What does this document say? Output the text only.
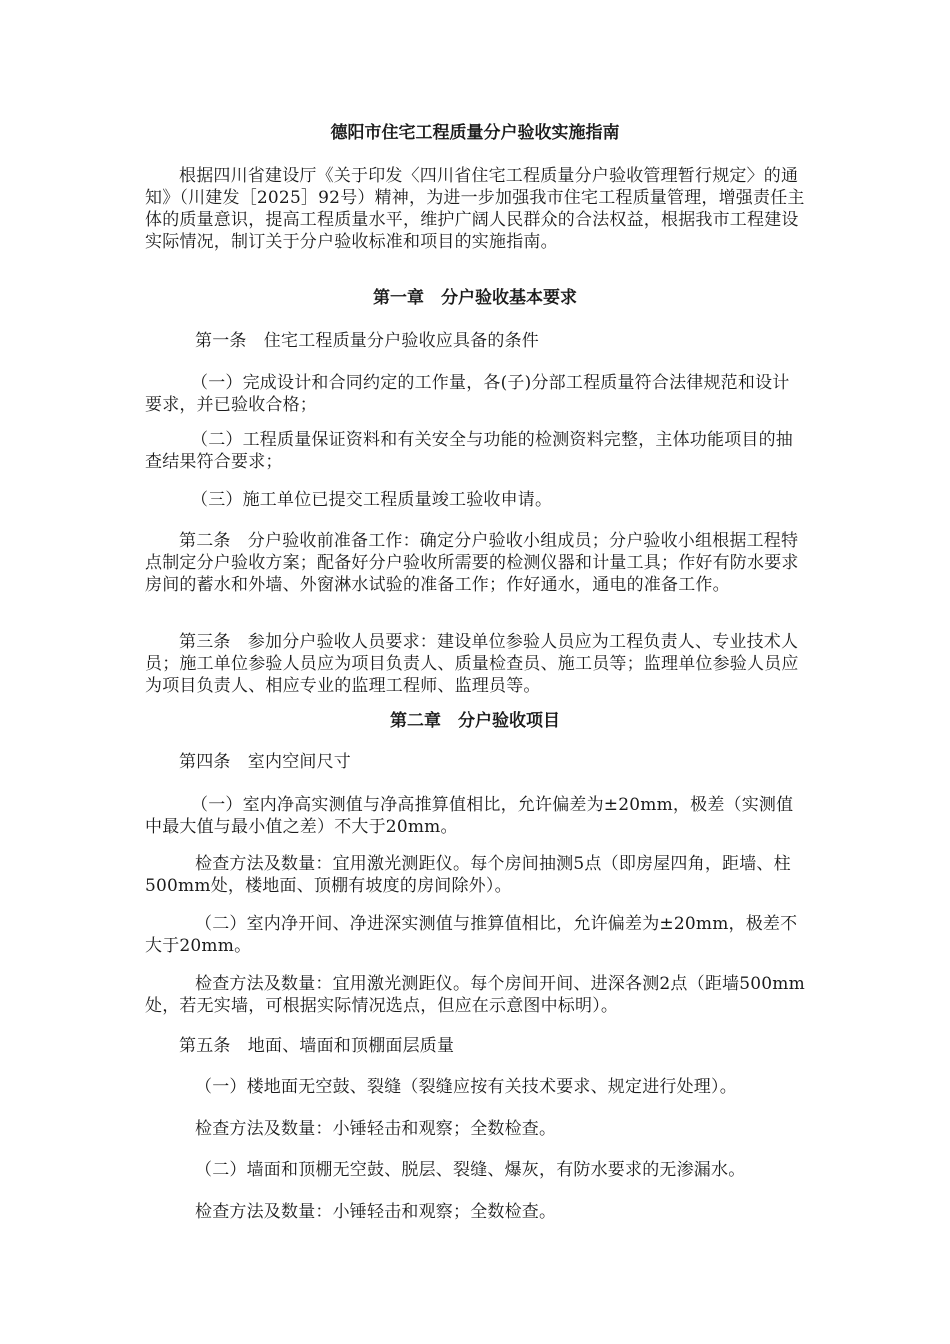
德阳市住宅工程质量分户验收实施指南
根据四川省建设厅《关于印发〈四川省住宅工程质量分户验收管理暂行规定〉的通知》（川建发［2025］92号）精神，为进一步加强我市住宅工程质量管理，增强责任主体的质量意识，提高工程质量水平，维护广阔人民群众的合法权益，根据我市工程建设实际情况，制订关于分户验收标准和项目的实施指南。
第一章　分户验收基本要求
第一条　住宅工程质量分户验收应具备的条件
（一）完成设计和合同约定的工作量，各(子)分部工程质量符合法律规范和设计要求，并已验收合格；
（二）工程质量保证资料和有关安全与功能的检测资料完整，主体功能项目的抽查结果符合要求；
（三）施工单位已提交工程质量竣工验收申请。
第二条　分户验收前准备工作：确定分户验收小组成员；分户验收小组根据工程特点制定分户验收方案；配备好分户验收所需要的检测仪器和计量工具；作好有防水要求房间的蓄水和外墙、外窗淋水试验的准备工作；作好通水，通电的准备工作。
第三条　参加分户验收人员要求：建设单位参验人员应为工程负责人、专业技术人员；施工单位参验人员应为项目负责人、质量检查员、施工员等；监理单位参验人员应为项目负责人、相应专业的监理工程师、监理员等。
第二章　分户验收项目
第四条　室内空间尺寸
（一）室内净高实测值与净高推算值相比，允许偏差为±20mm，极差（实测值中最大值与最小值之差）不大于20mm。
检查方法及数量：宜用激光测距仪。每个房间抽测5点（即房屋四角，距墙、柱500mm处，楼地面、顶棚有坡度的房间除外）。
（二）室内净开间、净进深实测值与推算值相比，允许偏差为±20mm，极差不大于20mm。
检查方法及数量：宜用激光测距仪。每个房间开间、进深各测2点（距墙500mm处，若无实墙，可根据实际情况选点，但应在示意图中标明）。
第五条　地面、墙面和顶棚面层质量
（一）楼地面无空鼓、裂缝（裂缝应按有关技术要求、规定进行处理）。
检查方法及数量：小锤轻击和观察；全数检查。
（二）墙面和顶棚无空鼓、脱层、裂缝、爆灰，有防水要求的无渗漏水。
检查方法及数量：小锤轻击和观察；全数检查。
